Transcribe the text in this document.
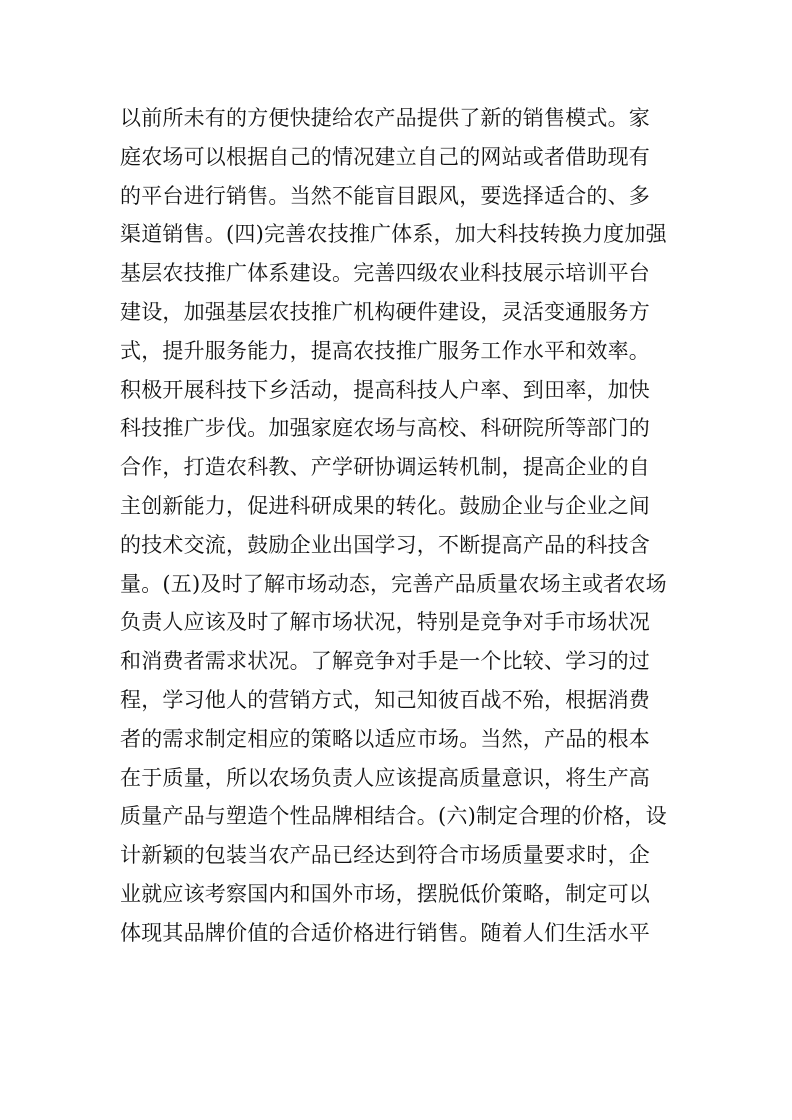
以前所未有的方便快捷给农产品提供了新的销售模式。家
庭农场可以根据自己的情况建立自己的网站或者借助现有
的平台进行销售。当然不能盲目跟风，要选择适合的、多
渠道销售。(四)完善农技推广体系，加大科技转换力度加强
基层农技推广体系建设。完善四级农业科技展示培训平台
建设，加强基层农技推广机构硬件建设，灵活变通服务方
式，提升服务能力，提高农技推广服务工作水平和效率。
积极开展科技下乡活动，提高科技人户率、到田率，加快
科技推广步伐。加强家庭农场与高校、科研院所等部门的
合作，打造农科教、产学研协调运转机制，提高企业的自
主创新能力，促进科研成果的转化。鼓励企业与企业之间
的技术交流，鼓励企业出国学习，不断提高产品的科技含
量。(五)及时了解市场动态，完善产品质量农场主或者农场
负责人应该及时了解市场状况，特别是竞争对手市场状况
和消费者需求状况。了解竞争对手是一个比较、学习的过
程，学习他人的营销方式，知己知彼百战不殆，根据消费
者的需求制定相应的策略以适应市场。当然，产品的根本
在于质量，所以农场负责人应该提高质量意识，将生产高
质量产品与塑造个性品牌相结合。(六)制定合理的价格，设
计新颖的包装当农产品已经达到符合市场质量要求时，企
业就应该考察国内和国外市场，摆脱低价策略，制定可以
体现其品牌价值的合适价格进行销售。随着人们生活水平
